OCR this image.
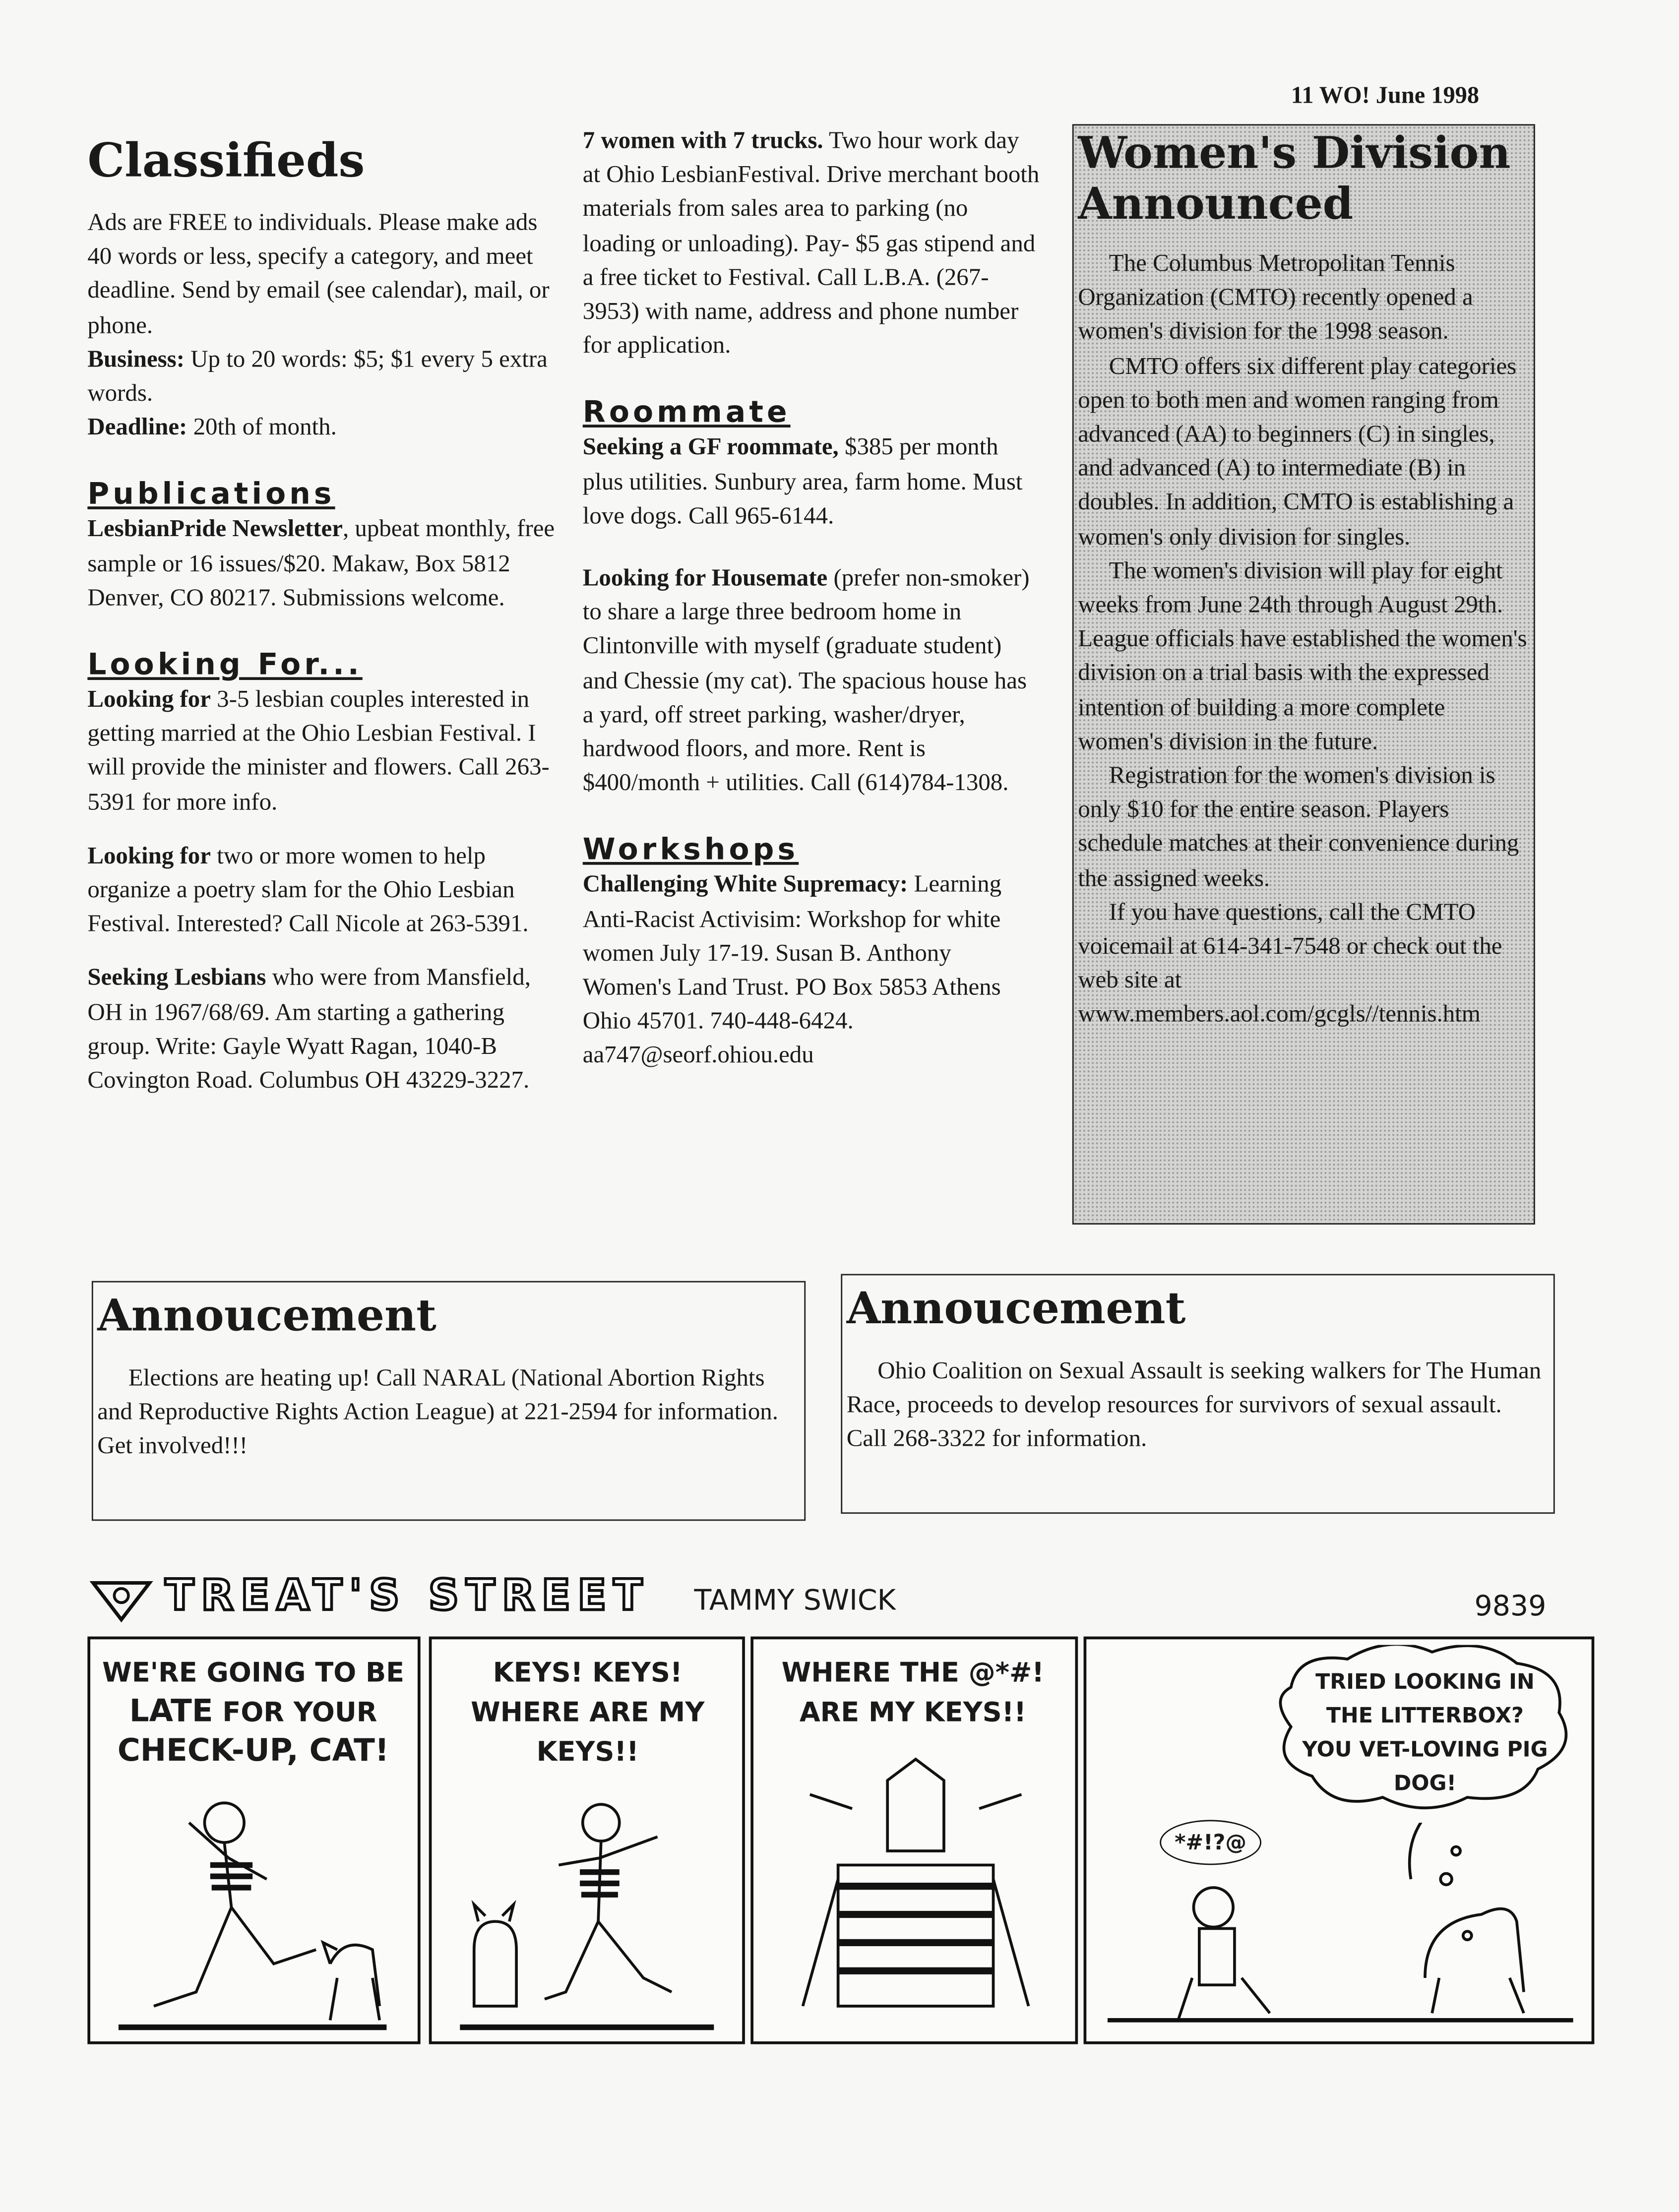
11 WO! June 1998
Classifieds

Ads are FREE to individuals. Please make ads 40 words or less, specify a category, and meet deadline. Send by email (see calendar), mail, or phone.

Business: Up to 20 words: $5; $1 every 5 extra words.

Deadline: 20th of month.

Publications

LesbianPride Newsletter, upbeat monthly, free sample or 16 issues/$20. Makaw, Box 5812 Denver, CO 80217. Submissions welcome.

Looking For...

Looking for 3-5 lesbian couples interested in getting married at the Ohio Lesbian Festival. I will provide the minister and flowers. Call 263-5391 for more info.

Looking for two or more women to help organize a poetry slam for the Ohio Lesbian Festival. Interested? Call Nicole at 263-5391.

Seeking Lesbians who were from Mansfield, OH in 1967/68/69. Am starting a gathering group. Write: Gayle Wyatt Ragan, 1040-B Covington Road. Columbus OH 43229-3227.

7 women with 7 trucks. Two hour work day at Ohio LesbianFestival. Drive merchant booth materials from sales area to parking (no loading or unloading). Pay- $5 gas stipend and a free ticket to Festival. Call L.B.A. (267-3953) with name, address and phone number for application.

Roommate

Seeking a GF roommate, $385 per month plus utilities. Sunbury area, farm home. Must love dogs. Call 965-6144.

Looking for Housemate (prefer non-smoker) to share a large three bedroom home in Clintonville with myself (graduate student) and Chessie (my cat). The spacious house has a yard, off street parking, washer/dryer, hardwood floors, and more. Rent is $400/month + utilities. Call (614)784-1308.

Workshops

Challenging White Supremacy: Learning Anti-Racist Activisim: Workshop for white women July 17-19. Susan B. Anthony Women's Land Trust. PO Box 5853 Athens Ohio 45701. 740-448-6424. aa747@seorf.ohiou.edu

Women's Division Announced

The Columbus Metropolitan Tennis Organization (CMTO) recently opened a women's division for the 1998 season.

CMTO offers six different play categories open to both men and women ranging from advanced (AA) to beginners (C) in singles, and advanced (A) to intermediate (B) in doubles. In addition, CMTO is establishing a women's only division for singles.

The women's division will play for eight weeks from June 24th through August 29th. League officials have established the women's division on a trial basis with the expressed intention of building a more complete women's division in the future.

Registration for the women's division is only $10 for the entire season. Players schedule matches at their convenience during the assigned weeks.

If you have questions, call the CMTO voicemail at 614-341-7548 or check out the web site at www.members.aol.com/gcgls//tennis.htm

Annoucement

Elections are heating up! Call NARAL (National Abortion Rights and Reproductive Rights Action League) at 221-2594 for information. Get involved!!!

Annoucement

Ohio Coalition on Sexual Assault is seeking walkers for The Human Race, proceeds to develop resources for survivors of sexual assault. Call 268-3322 for information.

TREAT'S STREET	TAMMY SWICK	9839
WE'RE GOING TO BE
LATE FOR YOUR
CHECK-UP, CAT!
KEYS! KEYS! WHERE ARE MY KEYS!!
WHERE THE @*#! ARE MY KEYS!!
TRIED LOOKING IN THE LITTERBOX? YOU VET-LOVING PIG DOG!
*#!?@
